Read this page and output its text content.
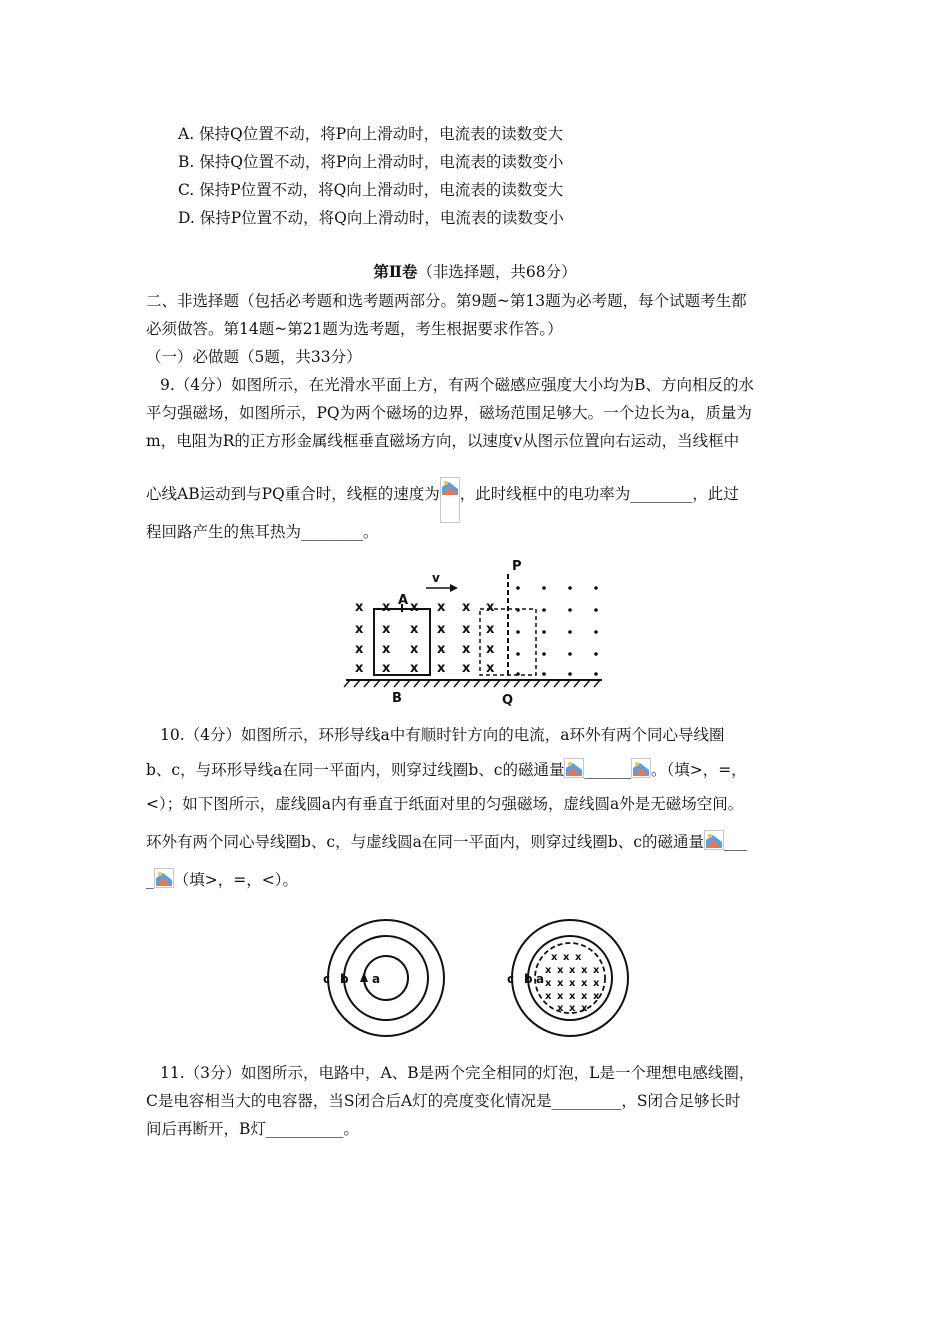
A. 保持Q位置不动，将P向上滑动时，电流表的读数变大
B. 保持Q位置不动，将P向上滑动时，电流表的读数变小
C. 保持P位置不动，将Q向上滑动时，电流表的读数变大
D. 保持P位置不动，将Q向上滑动时，电流表的读数变小
第Ⅱ卷（非选择题，共68分）
二、非选择题（包括必考题和选考题两部分。第9题~第13题为必考题，每个试题考生都
必须做答。第14题~第21题为选考题，考生根据要求作答。）
（一）必做题（5题，共33分）
9.（4分）如图所示，在光滑水平面上方，有两个磁感应强度大小均为B、方向相反的水
平匀强磁场，如图所示，PQ为两个磁场的边界，磁场范围足够大。一个边长为a，质量为
m，电阻为R的正方形金属线框垂直磁场方向，以速度v从图示位置向右运动，当线框中
心线AB运动到与PQ重合时，线框的速度为 ，此时线框中的电功率为________，此过
程回路产生的焦耳热为________。
x
x
x
x
x
x
x
x
x
x
x
x
x
x
x
x
x
x
x
x
x
x
x
x
A
P
Q
B
v
10.（4分）如图所示，环形导线a中有顺时针方向的电流，a环外有两个同心导线圈
b、c，与环形导线a在同一平面内，则穿过线圈b、c的磁通量 ______ 。（填>，=，
<）；如下图所示，虚线圆a内有垂直于纸面对里的匀强磁场，虚线圆a外是无磁场空间。
环外有两个同心导线圈b、c，与虚线圆a在同一平面内，则穿过线圈b、c的磁通量 ___
_ （填>，=，<）。
c b a	c b a
x x x
x x x x x
x x x x x
x x x x x
x x x
11.（3分）如图所示，电路中，A、B是两个完全相同的灯泡，L是一个理想电感线圈，
C是电容相当大的电容器，当S闭合后A灯的亮度变化情况是_________，S闭合足够长时
间后再断开，B灯__________。
